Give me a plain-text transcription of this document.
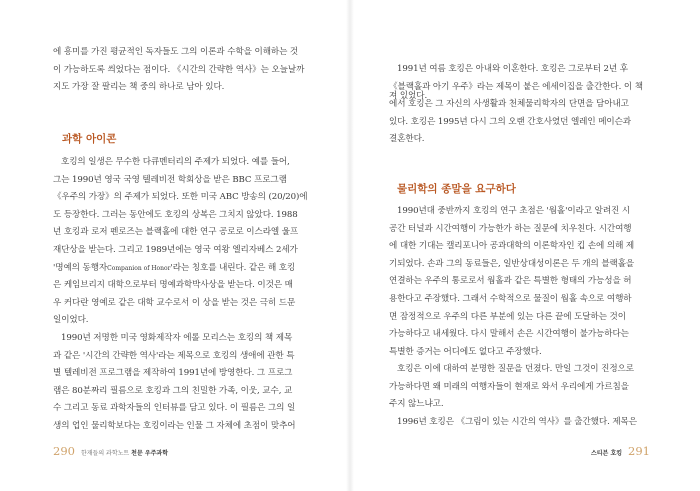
에 흥미를 가진 평균적인 독자들도 그의 이론과 수학을 이해하는 것
이 가능하도록 씌었다는 점이다. 《시간의 간략한 역사》는 오늘날까
지도 가장 잘 팔리는 책 중의 하나로 남아 있다.
과학 아이콘
호킹의 일생은 무수한 다큐멘터리의 주제가 되었다. 예를 들어,
그는 1990년 영국 국영 텔레비전 학회상을 받은 BBC 프로그램
《우주의 가장》의 주제가 되었다. 또한 미국 ABC 방송의 (20/20)에
도 등장한다. 그러는 동안에도 호킹의 상복은 그치지 않았다. 1988
년 호킹과 로저 펜로즈는 블랙홀에 대한 연구 공로로 이스라엘 울프
재단상을 받는다. 그리고 1989년에는 영국 여왕 엘리자베스 2세가
'명예의 동행자Companion of Honor'라는 칭호를 내린다. 같은 해 호킹
은 케임브리지 대학으로부터 명예과학박사상을 받는다. 이것은 매
우 커다란 영예로 같은 대학 교수로서 이 상을 받는 것은 극히 드문
일이었다.
1990년 저명한 미국 영화제작자 에롤 모리스는 호킹의 책 제목
과 같은 '시간의 간략한 역사'라는 제목으로 호킹의 생애에 관한 특
별 텔레비전 프로그램을 제작하여 1991년에 방영한다. 그 프로그
램은 80분짜리 필름으로 호킹과 그의 친밀한 가족, 이웃, 교수, 교
수 그리고 동료 과학자들의 인터뷰를 담고 있다. 이 필름은 그의 일
생의 업인 물리학보다는 호킹이라는 인물 그 자체에 초점이 맞추어
290 한재들의 과학노트 천문 우주과학
져 있었다.
1991년 여름 호킹은 아내와 이혼한다. 호킹은 그로부터 2년 후
《블랙홀과 아기 우주》라는 제목이 붙은 에세이집을 출간한다. 이 책
에서 호킹은 그 자신의 사생활과 천체물리학자의 단면을 담아내고
있다. 호킹은 1995년 다시 그의 오랜 간호사였던 엘레인 메이슨과
결혼한다.
물리학의 종말을 요구하다
1990년대 중반까지 호킹의 연구 초점은 '웜홀'이라고 알려진 시
공간 터널과 시간여행이 가능한가 하는 질문에 치우친다. 시간여행
에 대한 기대는 캘리포니아 공과대학의 이론학자인 킵 손에 의해 제
기되었다. 손과 그의 동료들은, 일반상대성이론은 두 개의 블랙홀을
연결하는 우주의 통로로서 웜홀과 같은 특별한 형태의 가능성을 허
용한다고 주장했다. 그래서 수학적으로 물질이 웜홀 속으로 여행하
면 잠정적으로 우주의 다른 부분에 있는 다른 끝에 도달하는 것이
가능하다고 내세웠다. 다시 말해서 손은 시간여행이 불가능하다는
특별한 증거는 어디에도 없다고 주장했다.
호킹은 이에 대하여 분명한 질문을 던졌다. 만일 그것이 진정으로
가능하다면 왜 미래의 여행자들이 현재로 와서 우리에게 가르침을
주지 않느냐고.
1996년 호킹은 《그림이 있는 시간의 역사》를 출간했다. 제목은
스티븐 호킹 291
